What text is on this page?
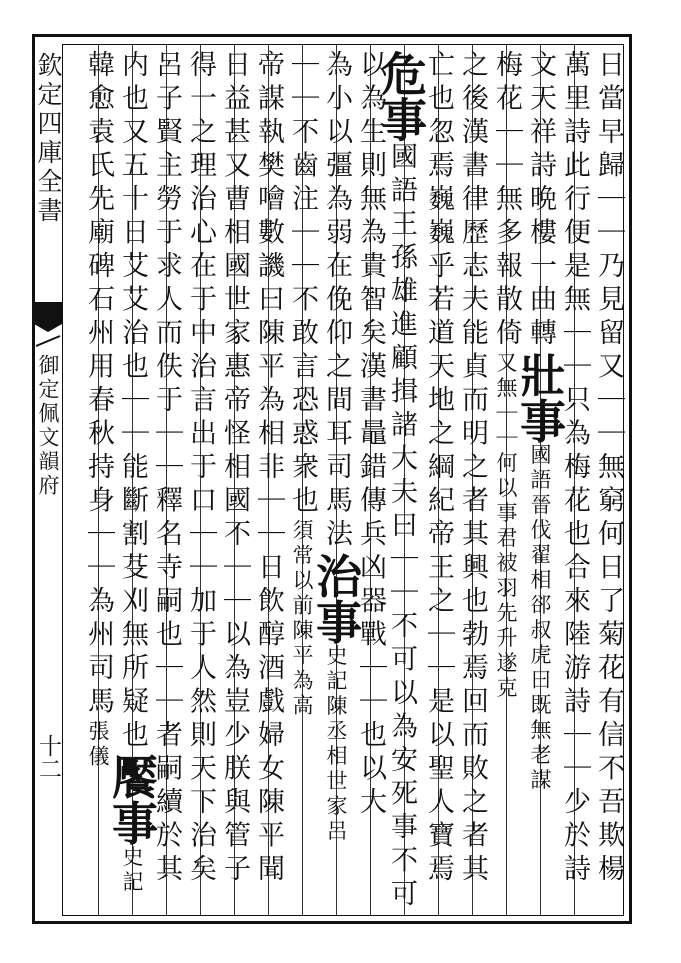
欽定四庫全書
御定佩文韻府
十二	日當早歸｜｜乃見留又｜｜無窮何日了菊花有信不吾欺楊
萬里詩此行便是無｜｜只為梅花也合來陸游詩｜｜少於詩
文天祥詩晩樓一曲轉壯事國語晉伐翟相郤叔虎曰既無老謀
梅花｜｜無多報散倚又無｜｜何以事君被羽先升遂克
之後漢書律歷志夫能貞而明之者其興也勃焉回而敗之者其
亡也忽焉巍巍乎若道天地之綱紀帝王之｜｜是以聖人寶焉
危事國語王孫雄進顧揖諸大夫曰｜｜不可以為安死事不可
以為生則無為貴智矣漢書鼂錯傳兵凶器戰｜｜也以大
為小以彊為弱在俛仰之間耳司馬法治事史記陳丞相世家呂
｜｜不齒注｜｜不敢言恐惑衆也須常以前陳平為高
帝謀執樊噲數譏曰陳平為相非｜｜日飲醇酒戲婦女陳平聞
日益甚又曹相國世家惠帝怪相國不｜｜以為豈少朕與管子
得一之理治心在于中治言出于口｜｜加于人然則天下治矣
呂子賢主勞于求人而佚于｜｜釋名寺嗣也｜｜者嗣續於其
内也又五十日艾艾治也｜｜能斷割芟刈無所疑也饜事史記
韓愈袁氏先廟碑石州用春秋持身｜｜為州司馬張儀
